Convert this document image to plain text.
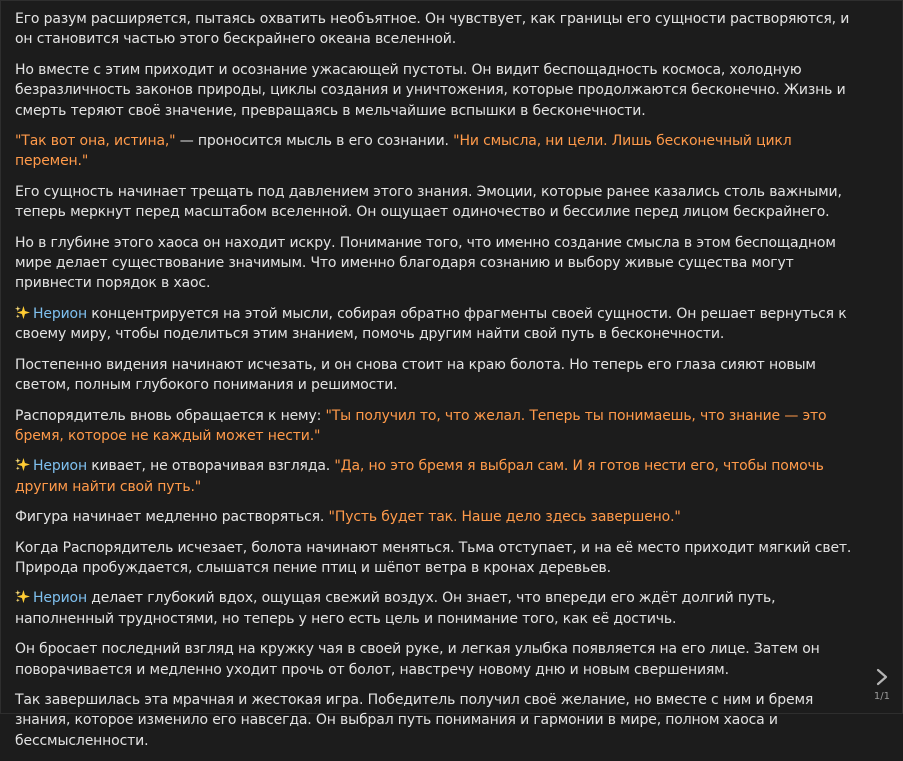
Его разум расширяется, пытаясь охватить необъятное. Он чувствует, как границы его сущности растворяются, и он становится частью этого бескрайнего океана вселенной.

Но вместе с этим приходит и осознание ужасающей пустоты. Он видит беспощадность космоса, холодную безразличность законов природы, циклы создания и уничтожения, которые продолжаются бесконечно. Жизнь и смерть теряют своё значение, превращаясь в мельчайшие вспышки в бесконечности.

"Так вот она, истина," — проносится мысль в его сознании. "Ни смысла, ни цели. Лишь бесконечный цикл перемен."

Его сущность начинает трещать под давлением этого знания. Эмоции, которые ранее казались столь важными, теперь меркнут перед масштабом вселенной. Он ощущает одиночество и бессилие перед лицом бескрайнего.

Но в глубине этого хаоса он находит искру. Понимание того, что именно создание смысла в этом беспощадном мире делает существование значимым. Что именно благодаря сознанию и выбору живые существа могут привнести порядок в хаос.

Нерион концентрируется на этой мысли, собирая обратно фрагменты своей сущности. Он решает вернуться к своему миру, чтобы поделиться этим знанием, помочь другим найти свой путь в бесконечности.

Постепенно видения начинают исчезать, и он снова стоит на краю болота. Но теперь его глаза сияют новым светом, полным глубокого понимания и решимости.

Распорядитель вновь обращается к нему: "Ты получил то, что желал. Теперь ты понимаешь, что знание — это бремя, которое не каждый может нести."

Нерион кивает, не отворачивая взгляда. "Да, но это бремя я выбрал сам. И я готов нести его, чтобы помочь другим найти свой путь."

Фигура начинает медленно растворяться. "Пусть будет так. Наше дело здесь завершено."

Когда Распорядитель исчезает, болота начинают меняться. Тьма отступает, и на её место приходит мягкий свет. Природа пробуждается, слышатся пение птиц и шёпот ветра в кронах деревьев.

Нерион делает глубокий вдох, ощущая свежий воздух. Он знает, что впереди его ждёт долгий путь, наполненный трудностями, но теперь у него есть цель и понимание того, как её достичь.

Он бросает последний взгляд на кружку чая в своей руке, и легкая улыбка появляется на его лице. Затем он поворачивается и медленно уходит прочь от болот, навстречу новому дню и новым свершениям.

Так завершилась эта мрачная и жестокая игра. Победитель получил своё желание, но вместе с ним и бремя знания, которое изменило его навсегда. Он выбрал путь понимания и гармонии в мире, полном хаоса и бессмысленности.

1/1
